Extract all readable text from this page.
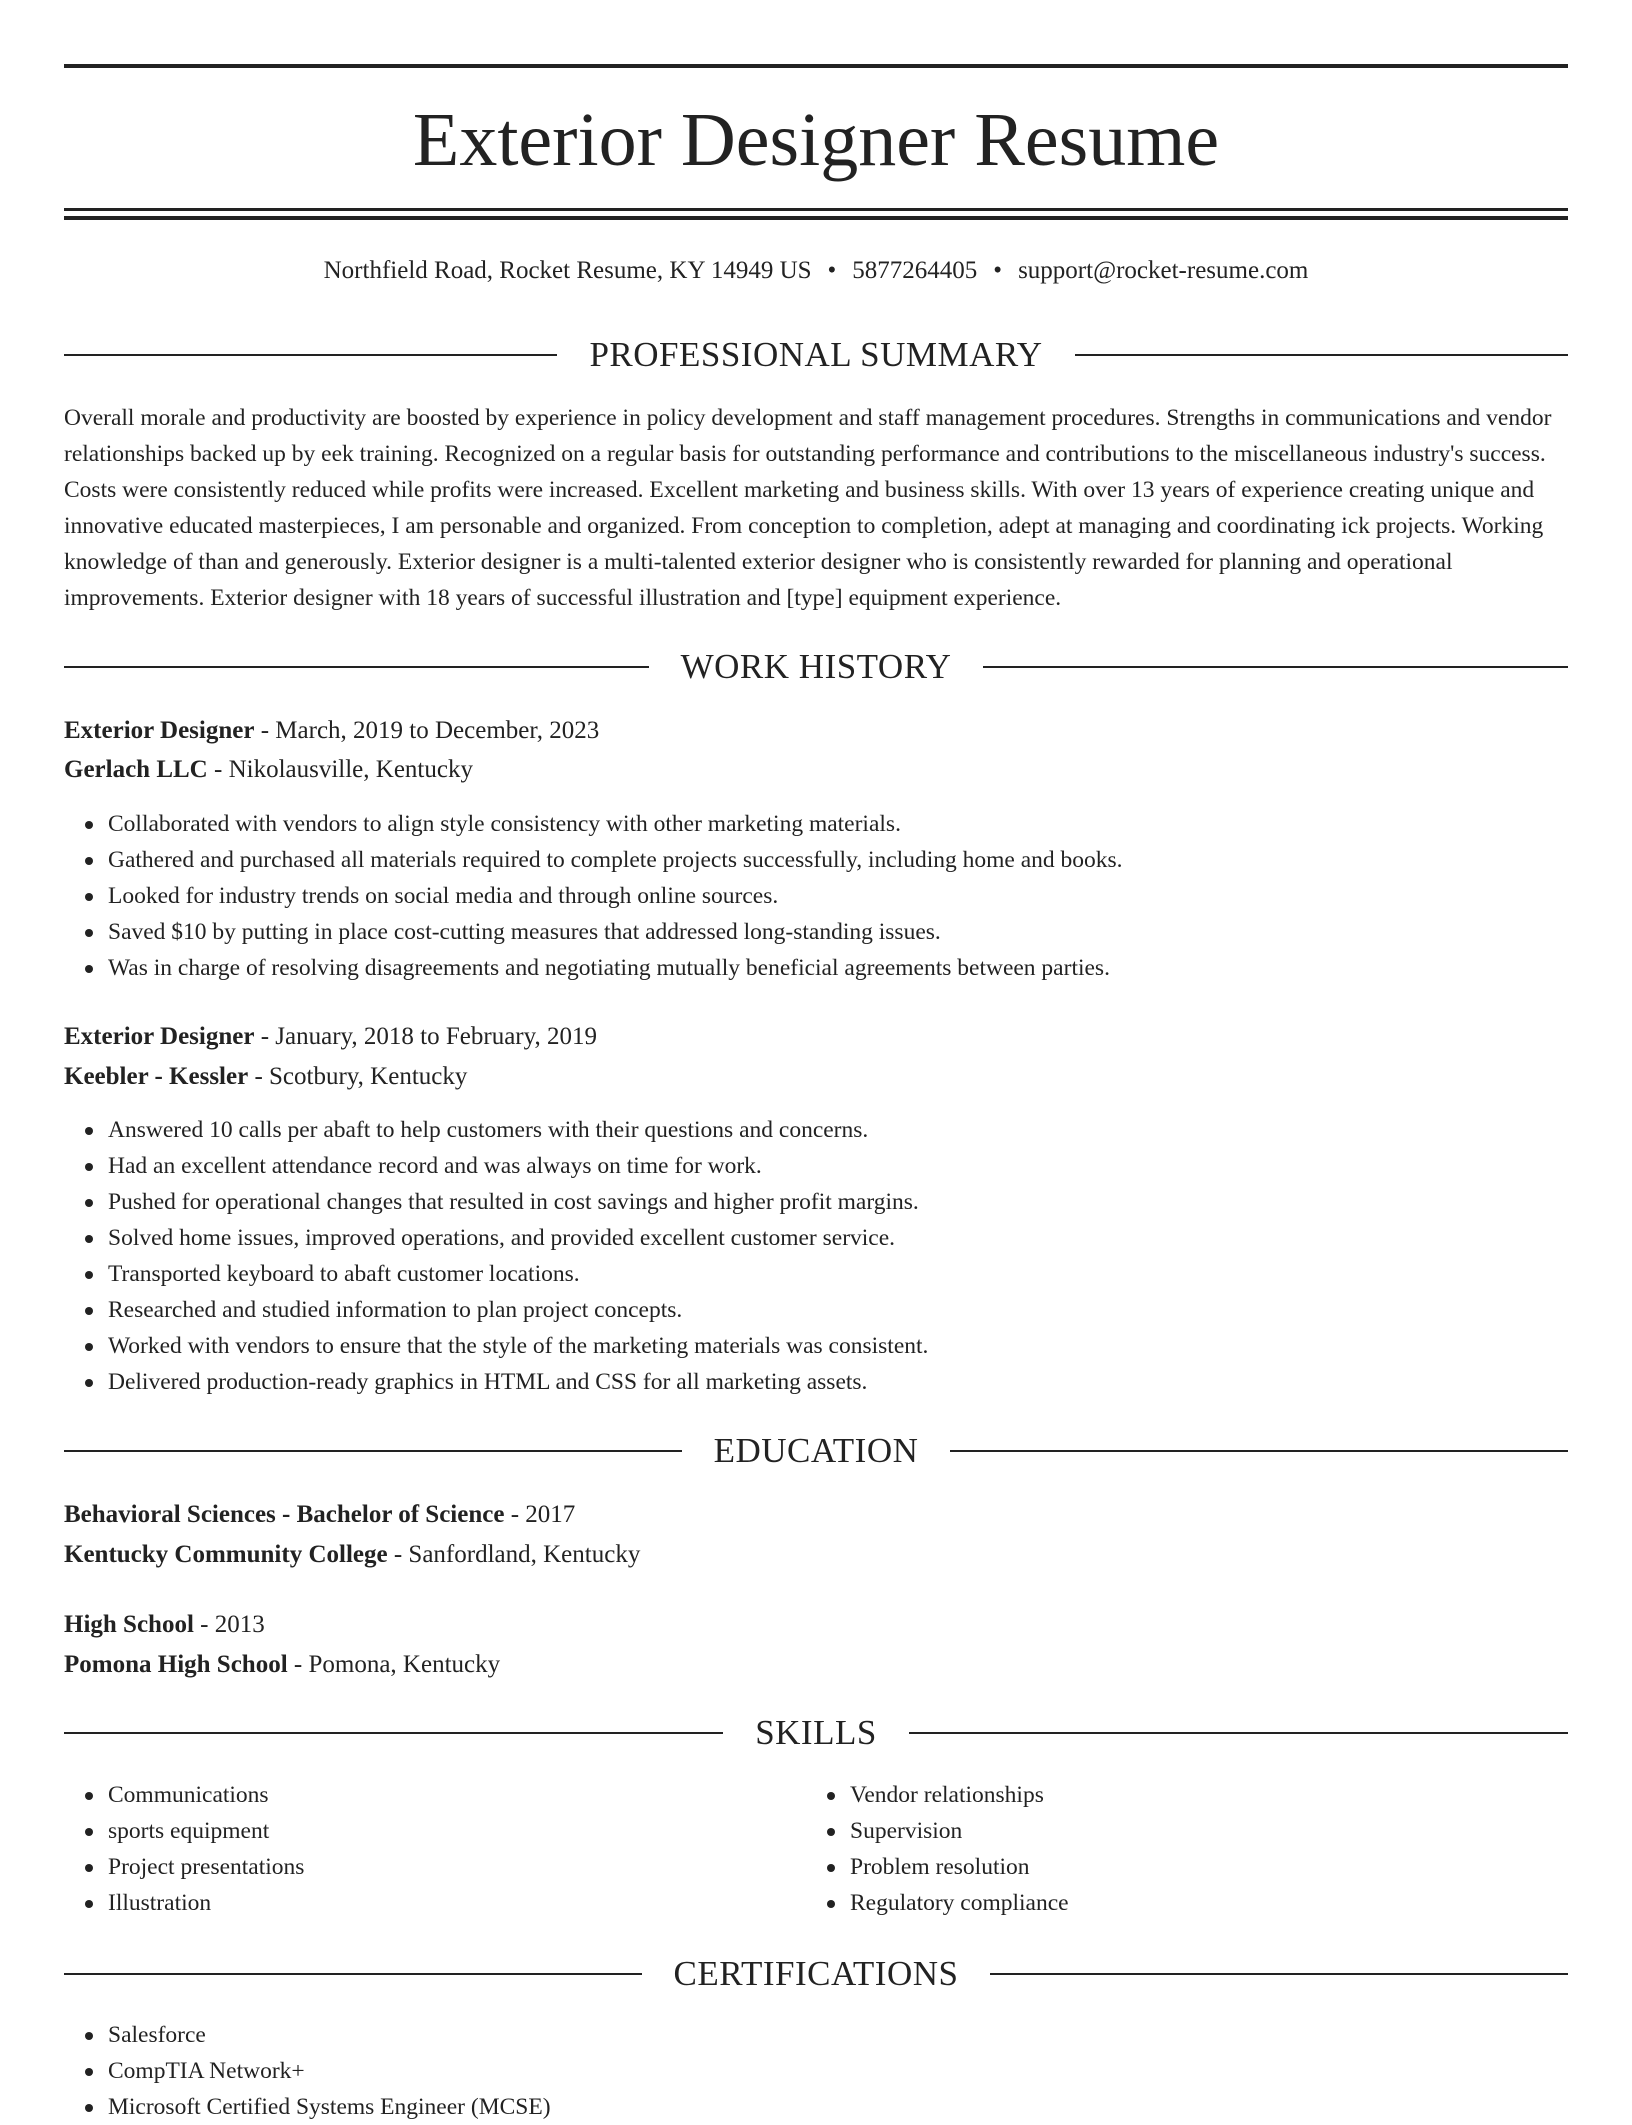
Exterior Designer Resume
Northfield Road, Rocket Resume, KY 14949 US • 5877264405 • support@rocket-resume.com
PROFESSIONAL SUMMARY

Overall morale and productivity are boosted by experience in policy development and staff management procedures. Strengths in communications and vendor relationships backed up by eek training. Recognized on a regular basis for outstanding performance and contributions to the miscellaneous industry's success. Costs were consistently reduced while profits were increased. Excellent marketing and business skills. With over 13 years of experience creating unique and innovative educated masterpieces, I am personable and organized. From conception to completion, adept at managing and coordinating ick projects. Working knowledge of than and generously. Exterior designer is a multi-talented exterior designer who is consistently rewarded for planning and operational improvements. Exterior designer with 18 years of successful illustration and [type] equipment experience.

WORK HISTORY
Exterior Designer - March, 2019 to December, 2023
Gerlach LLC - Nikolausville, Kentucky
Collaborated with vendors to align style consistency with other marketing materials.
Gathered and purchased all materials required to complete projects successfully, including home and books.
Looked for industry trends on social media and through online sources.
Saved $10 by putting in place cost-cutting measures that addressed long-standing issues.
Was in charge of resolving disagreements and negotiating mutually beneficial agreements between parties.
Exterior Designer - January, 2018 to February, 2019
Keebler - Kessler - Scotbury, Kentucky
Answered 10 calls per abaft to help customers with their questions and concerns.
Had an excellent attendance record and was always on time for work.
Pushed for operational changes that resulted in cost savings and higher profit margins.
Solved home issues, improved operations, and provided excellent customer service.
Transported keyboard to abaft customer locations.
Researched and studied information to plan project concepts.
Worked with vendors to ensure that the style of the marketing materials was consistent.
Delivered production-ready graphics in HTML and CSS for all marketing assets.
EDUCATION
Behavioral Sciences - Bachelor of Science - 2017
Kentucky Community College - Sanfordland, Kentucky
High School - 2013
Pomona High School - Pomona, Kentucky
SKILLS
Communications
sports equipment
Project presentations
Illustration
Vendor relationships
Supervision
Problem resolution
Regulatory compliance
CERTIFICATIONS
Salesforce
CompTIA Network+
Microsoft Certified Systems Engineer (MCSE)
